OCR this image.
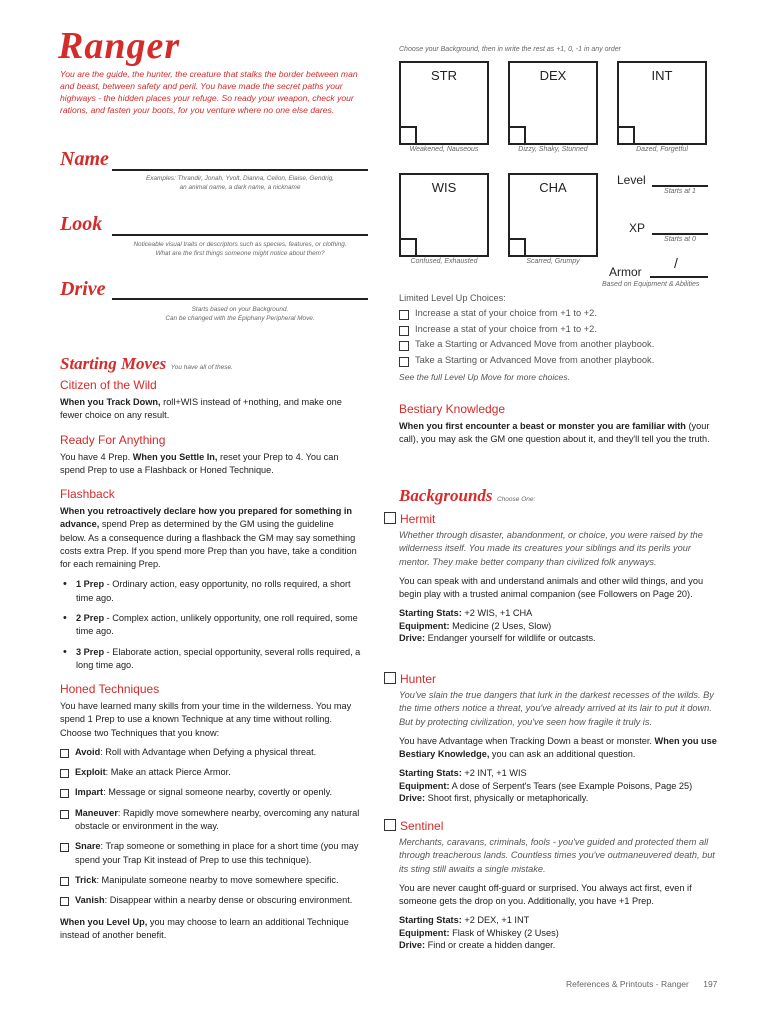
Ranger
You are the guide, the hunter, the creature that stalks the border between man and beast, between safety and peril. You have made the secret paths your highways - the hidden places your refuge. So ready your weapon, check your rations, and fasten your boots, for you venture where no one else dares.
Name
Examples: Thrandir, Jonah, Yvolt, Dianna, Celion, Elaise, Gendrig,
an animal name, a dark name, a nickname
Look
Noticeable visual traits or descriptors such as species, features, or clothing.
What are the first things someone might notice about them?
Drive
Starts based on your Background.
Can be changed with the Epiphany Peripheral Move.
Starting Moves You have all of these.
Citizen of the Wild
When you Track Down, roll+WIS instead of +nothing, and make one fewer choice on any result.
Ready For Anything
You have 4 Prep. When you Settle In, reset your Prep to 4. You can spend Prep to use a Flashback or Honed Technique.
Flashback
When you retroactively declare how you prepared for something in advance, spend Prep as determined by the GM using the guideline below. As a consequence during a flashback the GM may say something costs extra Prep. If you spend more Prep than you have, take a condition for each remaining Prep.
• 1 Prep - Ordinary action, easy opportunity, no rolls required, a short time ago.
• 2 Prep - Complex action, unlikely opportunity, one roll required, some time ago.
• 3 Prep - Elaborate action, special opportunity, several rolls required, a long time ago.
Honed Techniques
You have learned many skills from your time in the wilderness. You may spend 1 Prep to use a known Technique at any time without rolling. Choose two Techniques that you know:
Avoid: Roll with Advantage when Defying a physical threat.
Exploit: Make an attack Pierce Armor.
Impart: Message or signal someone nearby, covertly or openly.
Maneuver: Rapidly move somewhere nearby, overcoming any natural obstacle or environment in the way.
Snare: Trap someone or something in place for a short time (you may spend your Trap Kit instead of Prep to use this technique).
Trick: Manipulate someone nearby to move somewhere specific.
Vanish: Disappear within a nearby dense or obscuring environment.
When you Level Up, you may choose to learn an additional Technique instead of another benefit.
Choose your Background, then in write the rest as +1, 0, -1 in any order
STR
Weakened, Nauseous
DEX
Dizzy, Shaky, Stunned
INT
Dazed, Forgetful
WIS
Confused, Exhausted
CHA
Scarred, Grumpy
Level
Starts at 1
XP
Starts at 0
Armor
/
Based on Equipment & Abilities
Limited Level Up Choices:
Increase a stat of your choice from +1 to +2.
Increase a stat of your choice from +1 to +2.
Take a Starting or Advanced Move from another playbook.
Take a Starting or Advanced Move from another playbook.
See the full Level Up Move for more choices.
Bestiary Knowledge
When you first encounter a beast or monster you are familiar with (your call), you may ask the GM one question about it, and they'll tell you the truth.
Backgrounds Choose One:
Hermit
Whether through disaster, abandonment, or choice, you were raised by the wilderness itself. You made its creatures your siblings and its perils your mentor. They make better company than civilized folk anyways.
You can speak with and understand animals and other wild things, and you begin play with a trusted animal companion (see Followers on Page 20).
Starting Stats: +2 WIS, +1 CHA
Equipment: Medicine (2 Uses, Slow)
Drive: Endanger yourself for wildlife or outcasts.
Hunter
You've slain the true dangers that lurk in the darkest recesses of the wilds. By the time others notice a threat, you've already arrived at its lair to put it down. But by protecting civilization, you've seen how fragile it truly is.
You have Advantage when Tracking Down a beast or monster. When you use Bestiary Knowledge, you can ask an additional question.
Starting Stats: +2 INT, +1 WIS
Equipment: A dose of Serpent's Tears (see Example Poisons, Page 25)
Drive: Shoot first, physically or metaphorically.
Sentinel
Merchants, caravans, criminals, fools - you've guided and protected them all through treacherous lands. Countless times you've outmaneuvered death, but its sting still awaits a single mistake.
You are never caught off-guard or surprised. You always act first, even if someone gets the drop on you. Additionally, you have +1 Prep.
Starting Stats: +2 DEX, +1 INT
Equipment: Flask of Whiskey (2 Uses)
Drive: Find or create a hidden danger.
References & Printouts - Ranger 197
